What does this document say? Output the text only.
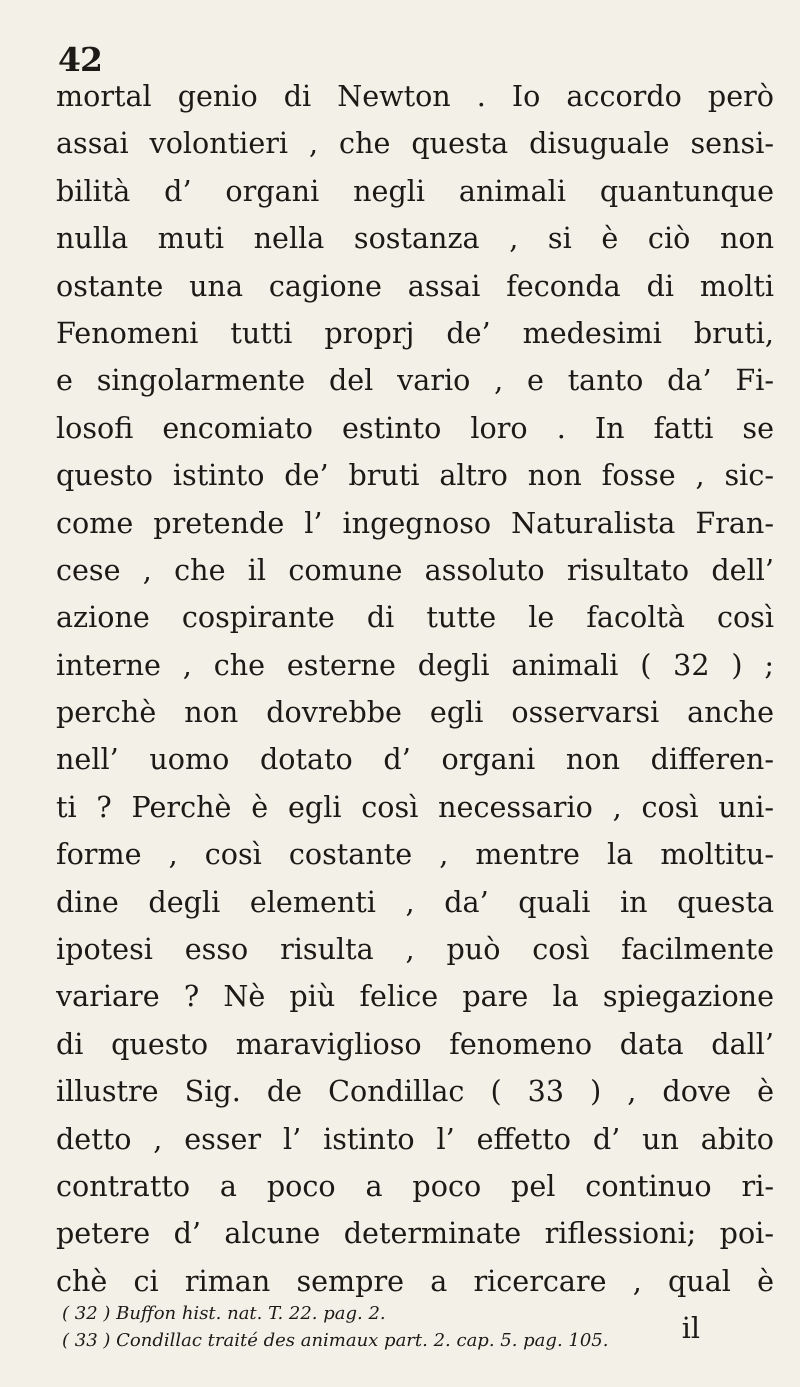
42
mortal genio di Newton . Io accordo però
assai volontieri , che questa disuguale sensi-
bilità d’ organi negli animali quantunque
nulla muti nella sostanza , si è ciò non
ostante una cagione assai feconda di molti
Fenomeni tutti proprj de’ medesimi bruti,
e singolarmente del vario , e tanto da’ Fi-
losofi encomiato estinto loro . In fatti se
questo istinto de’ bruti altro non fosse , sic-
come pretende l’ ingegnoso Naturalista Fran-
cese , che il comune assoluto risultato dell’
azione cospirante di tutte le facoltà così
interne , che esterne degli animali ( 32 ) ;
perchè non dovrebbe egli osservarsi anche
nell’ uomo dotato d’ organi non differen-
ti ? Perchè è egli così necessario , così uni-
forme , così costante , mentre la moltitu-
dine degli elementi , da’ quali in questa
ipotesi esso risulta , può così facilmente
variare ? Nè più felice pare la spiegazione
di questo maraviglioso fenomeno data dall’
illustre Sig. de Condillac ( 33 ) , dove è
detto , esser l’ istinto l’ effetto d’ un abito
contratto a poco a poco pel continuo ri-
petere d’ alcune determinate riflessioni; poi-
chè ci riman sempre a ricercare , qual è
il
( 32 ) Buffon hist. nat. T. 22. pag. 2.
( 33 ) Condillac traité des animaux part. 2. cap. 5. pag. 105.
